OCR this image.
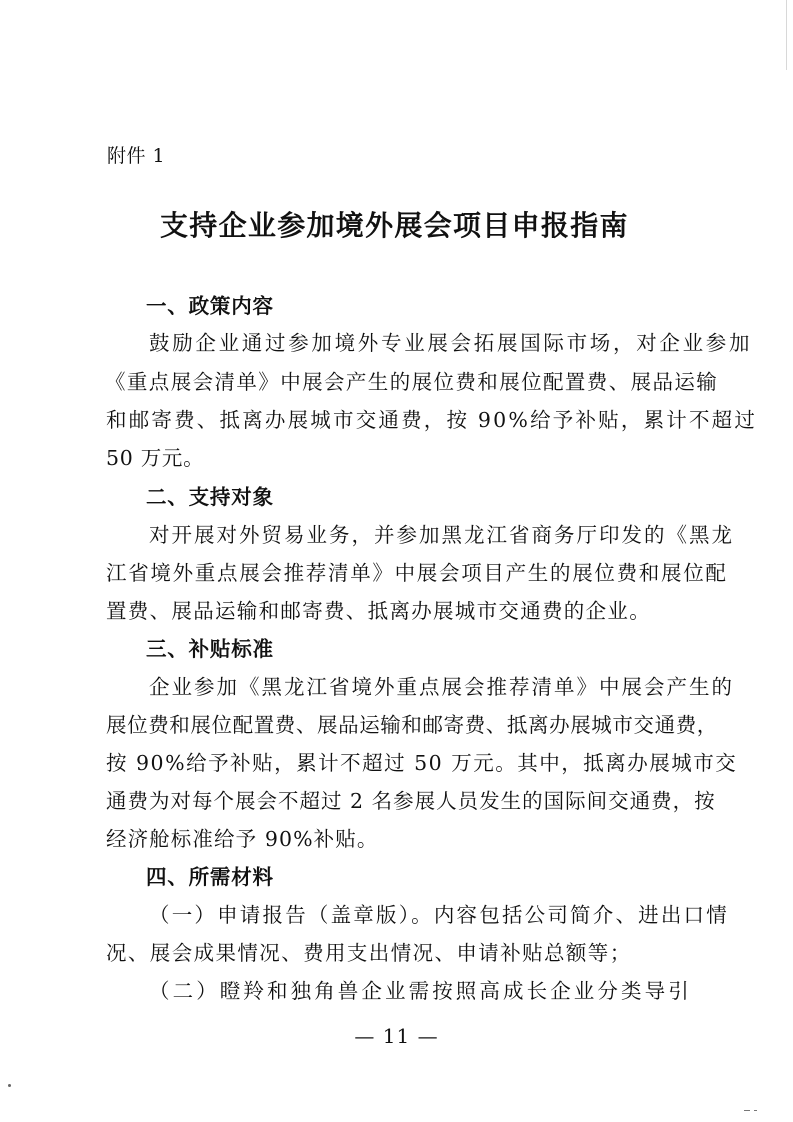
附件 1
支持企业参加境外展会项目申报指南
一、政策内容
鼓励企业通过参加境外专业展会拓展国际市场，对企业参加
《重点展会清单》中展会产生的展位费和展位配置费、展品运输
和邮寄费、抵离办展城市交通费，按 90%给予补贴，累计不超过
50 万元。
二、支持对象
对开展对外贸易业务，并参加黑龙江省商务厅印发的《黑龙
江省境外重点展会推荐清单》中展会项目产生的展位费和展位配
置费、展品运输和邮寄费、抵离办展城市交通费的企业。
三、补贴标准
企业参加《黑龙江省境外重点展会推荐清单》中展会产生的
展位费和展位配置费、展品运输和邮寄费、抵离办展城市交通费，
按 90%给予补贴，累计不超过 50 万元。其中，抵离办展城市交
通费为对每个展会不超过 2 名参展人员发生的国际间交通费，按
经济舱标准给予 90%补贴。
四、所需材料
（一）申请报告（盖章版）。内容包括公司简介、进出口情
况、展会成果情况、费用支出情况、申请补贴总额等；
（二）瞪羚和独角兽企业需按照高成长企业分类导引
— 11 —
